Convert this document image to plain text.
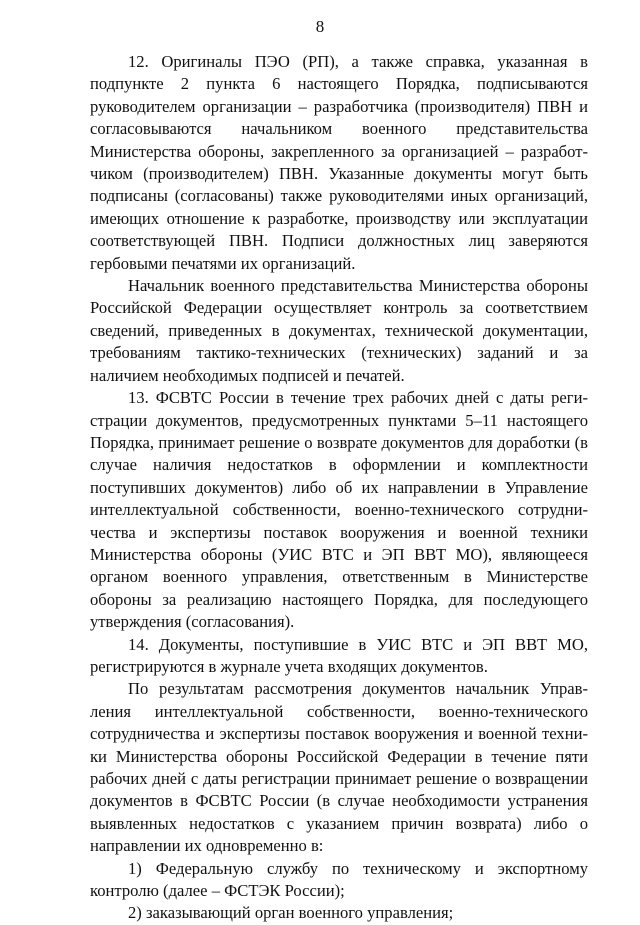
8

12. Оригиналы ПЭО (РП), а также справка, указанная в подпункте 2 пункта 6 настоящего Порядка, подписываются руководителем организации – разработчика (производителя) ПВН и согласовываются начальником военного представительства Министерства обороны, закрепленного за организацией – разработчиком (производителем) ПВН. Указанные документы могут быть подписаны (согласованы) также руководителями иных организаций, имеющих отношение к разработке, производству или эксплуатации соответствующей ПВН. Подписи должностных лиц заверяются гербовыми печатями их организаций.

Начальник военного представительства Министерства обороны Российской Федерации осуществляет контроль за соответствием сведений, приведенных в документах, технической документации, требованиям тактико-технических (технических) заданий и за наличием необходимых подписей и печатей.

13. ФСВТС России в течение трех рабочих дней с даты регистрации документов, предусмотренных пунктами 5–11 настоящего Порядка, принимает решение о возврате документов для доработки (в случае наличия недостатков в оформлении и комплектности поступивших документов) либо об их направлении в Управление интеллектуальной собственности, военно-технического сотрудничества и экспертизы поставок вооружения и военной техники Министерства обороны (УИС ВТС и ЭП ВВТ МО), являющееся органом военного управления, ответственным в Министерстве обороны за реализацию настоящего Порядка, для последующего утверждения (согласования).

14. Документы, поступившие в УИС ВТС и ЭП ВВТ МО, регистрируются в журнале учета входящих документов.

По результатам рассмотрения документов начальник Управления интеллектуальной собственности, военно-технического сотрудничества и экспертизы поставок вооружения и военной техники Министерства обороны Российской Федерации в течение пяти рабочих дней с даты регистрации принимает решение о возвращении документов в ФСВТС России (в случае необходимости устранения выявленных недостатков с указанием причин возврата) либо о направлении их одновременно в:

1) Федеральную службу по техническому и экспортному контролю (далее – ФСТЭК России);

2) заказывающий орган военного управления;
